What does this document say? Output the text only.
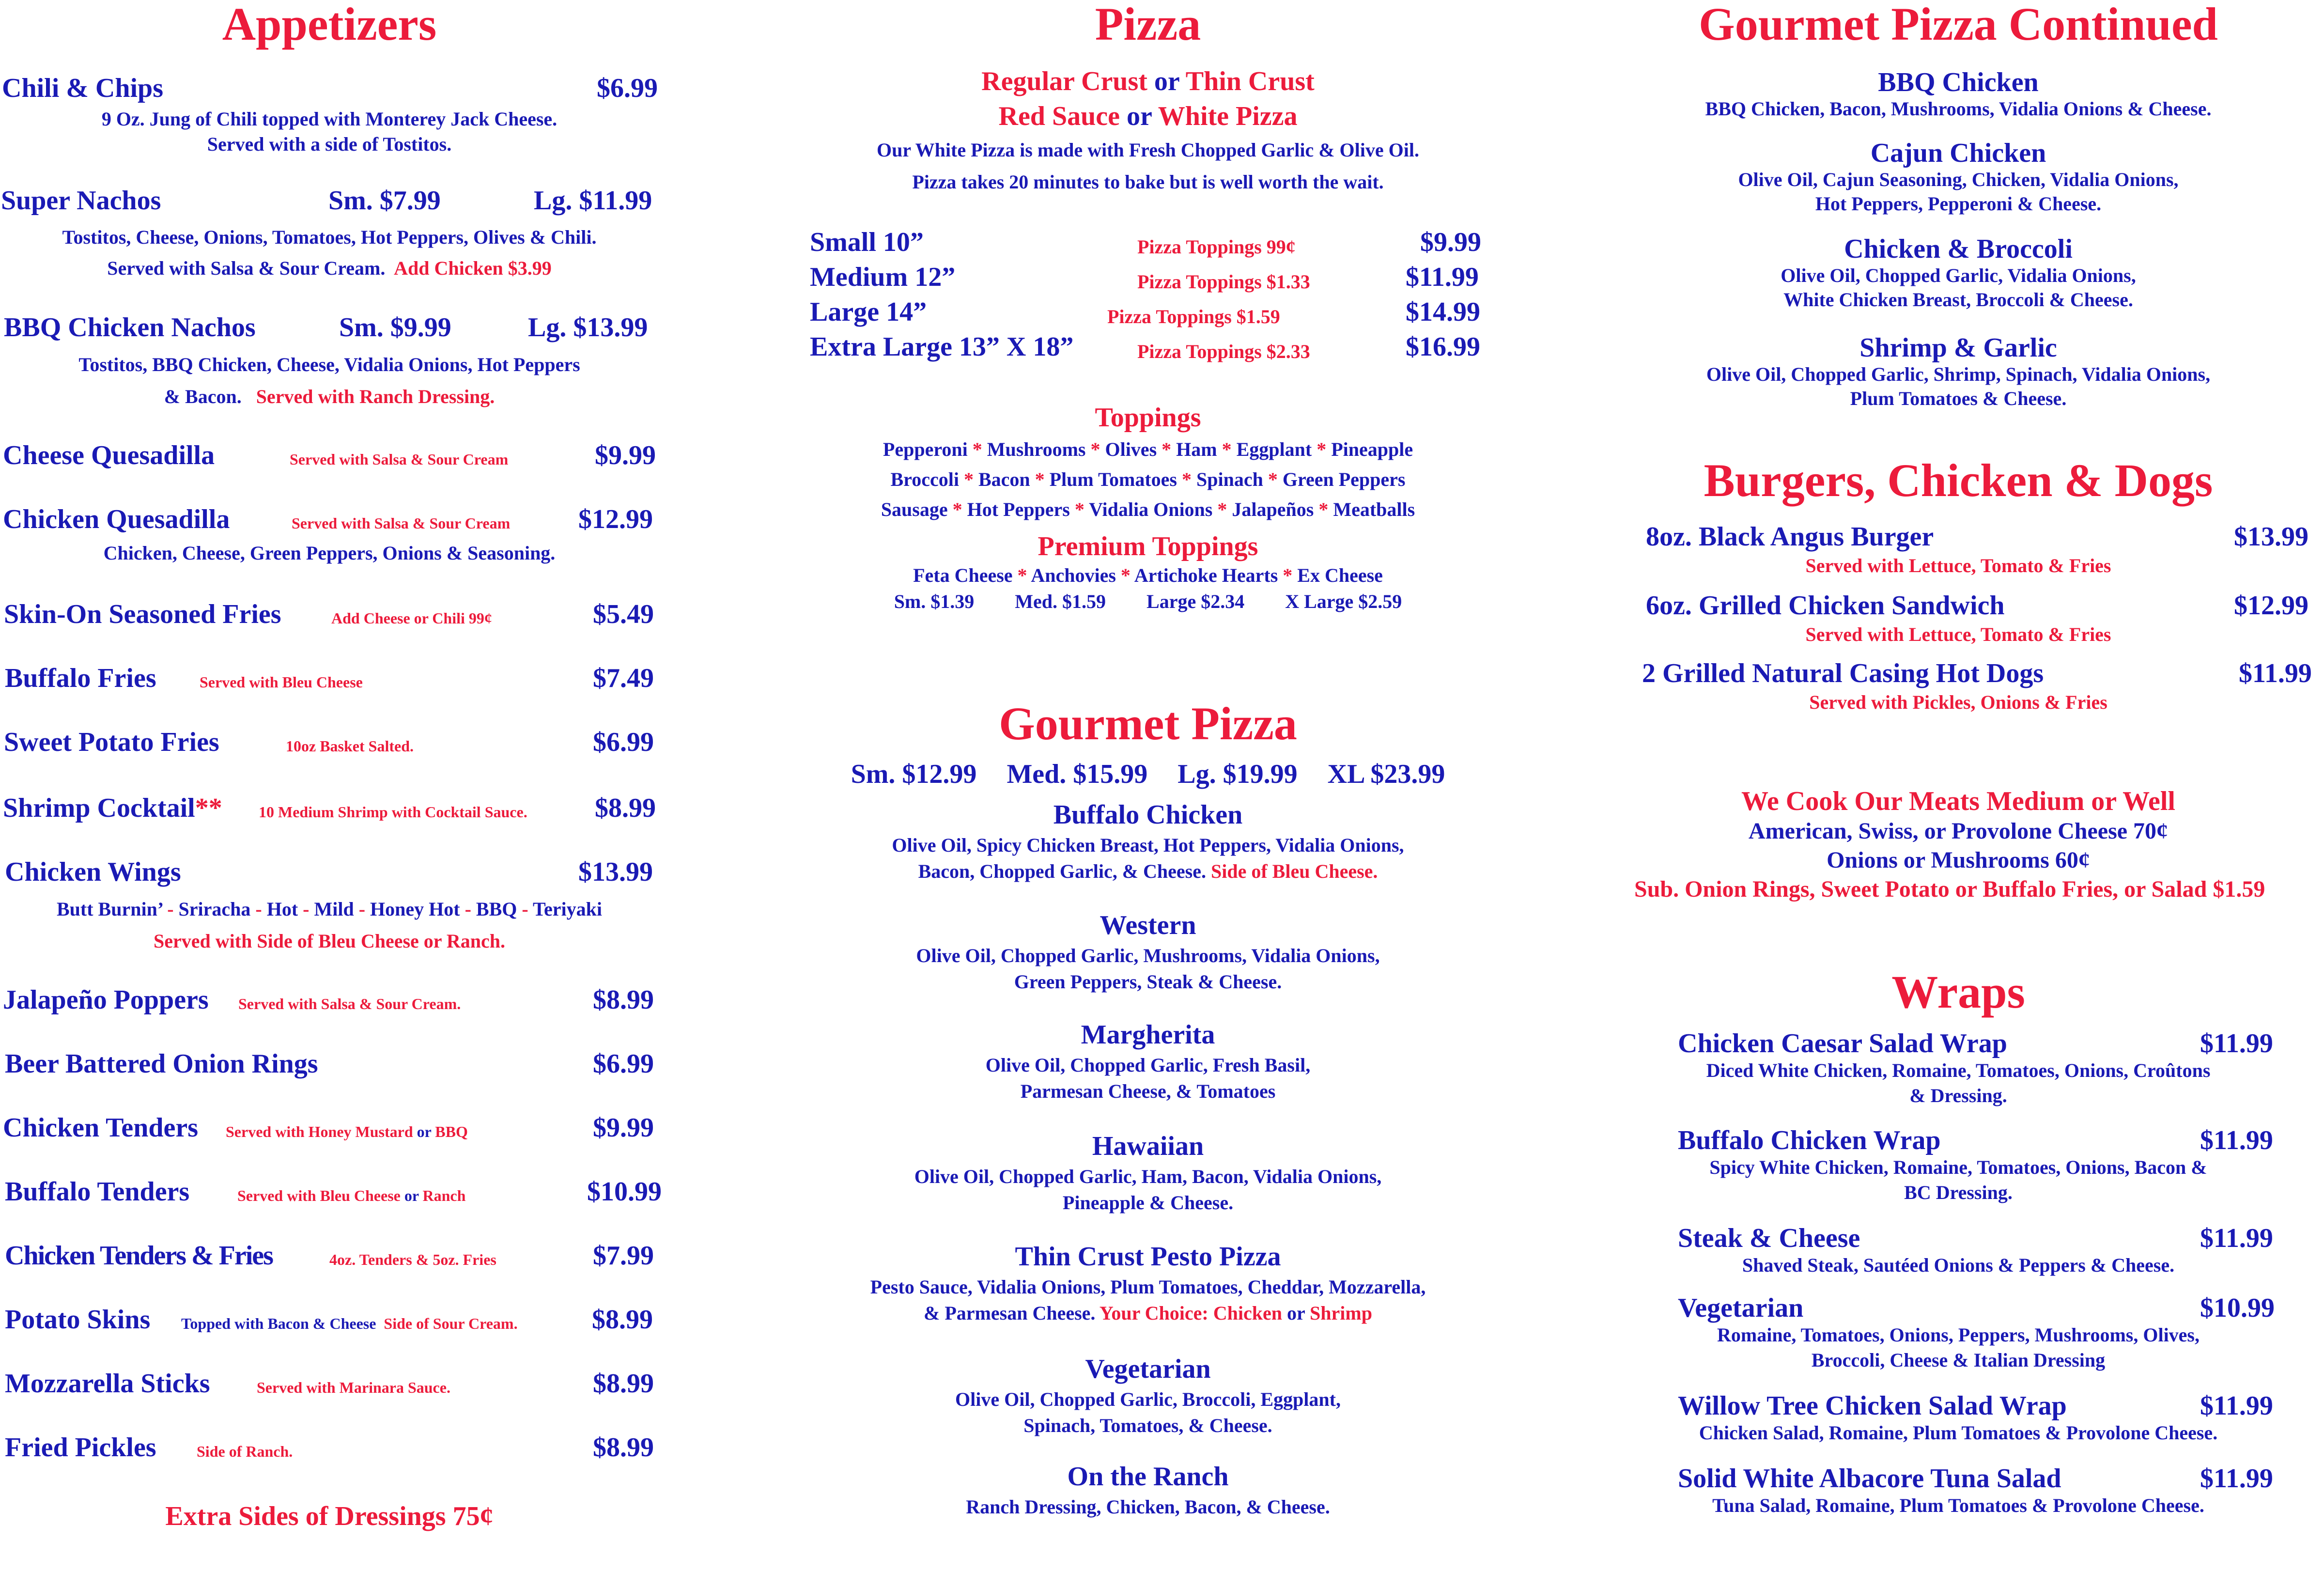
Appetizers
Chili & Chips	$6.99
9 Oz. Jung of Chili topped with Monterey Jack Cheese.
Served with a side of Tostitos.
Super Nachos	Sm. $7.99	Lg. $11.99
Tostitos, Cheese, Onions, Tomatoes, Hot Peppers, Olives & Chili.
Served with Salsa & Sour Cream. Add Chicken $3.99
BBQ Chicken Nachos	Sm. $9.99	Lg. $13.99
Tostitos, BBQ Chicken, Cheese, Vidalia Onions, Hot Peppers
& Bacon. Served with Ranch Dressing.
Cheese Quesadilla	Served with Salsa & Sour Cream	$9.99
Chicken Quesadilla	Served with Salsa & Sour Cream	$12.99
Chicken, Cheese, Green Peppers, Onions & Seasoning.
Skin-On Seasoned Fries	Add Cheese or Chili 99¢	$5.49
Buffalo Fries	Served with Bleu Cheese	$7.49
Sweet Potato Fries	10oz Basket Salted.	$6.99
Shrimp Cocktail** 10 Medium Shrimp with Cocktail Sauce. $8.99
Chicken Wings	$13.99
Butt Burnin’ - Sriracha - Hot - Mild - Honey Hot - BBQ - Teriyaki
Served with Side of Bleu Cheese or Ranch.
Jalapeño Poppers Served with Salsa & Sour Cream.	$8.99
Beer Battered Onion Rings	$6.99
Chicken Tenders Served with Honey Mustard or BBQ	$9.99
Buffalo Tenders	Served with Bleu Cheese or Ranch	$10.99
Chicken Tenders & Fries	4oz. Tenders & 5oz. Fries	$7.99
Potato Skins Topped with Bacon & Cheese Side of Sour Cream.	$8.99
Mozzarella Sticks	Served with Marinara Sauce.	$8.99
Fried Pickles	Side of Ranch.	$8.99
Extra Sides of Dressings 75¢
Pizza
Regular Crust or Thin Crust
Red Sauce or White Pizza
Our White Pizza is made with Fresh Chopped Garlic & Olive Oil.
Pizza takes 20 minutes to bake but is well worth the wait.
Small 10”	Pizza Toppings 99¢	$9.99
Medium 12”	Pizza Toppings $1.33	$11.99
Large 14”	Pizza Toppings $1.59	$14.99
Extra Large 13” X 18”	Pizza Toppings $2.33	$16.99
Toppings
Pepperoni * Mushrooms * Olives * Ham * Eggplant * Pineapple
Broccoli * Bacon * Plum Tomatoes * Spinach * Green Peppers
Sausage * Hot Peppers * Vidalia Onions * Jalapeños * Meatballs
Premium Toppings
Feta Cheese * Anchovies * Artichoke Hearts * Ex Cheese
Sm. $1.39 Med. $1.59 Large $2.34 X Large $2.59
Gourmet Pizza
Sm. $12.99 Med. $15.99 Lg. $19.99 XL $23.99
Buffalo Chicken
Olive Oil, Spicy Chicken Breast, Hot Peppers, Vidalia Onions,
Bacon, Chopped Garlic, & Cheese. Side of Bleu Cheese.
Western
Olive Oil, Chopped Garlic, Mushrooms, Vidalia Onions,
Green Peppers, Steak & Cheese.
Margherita
Olive Oil, Chopped Garlic, Fresh Basil,
Parmesan Cheese, & Tomatoes
Hawaiian
Olive Oil, Chopped Garlic, Ham, Bacon, Vidalia Onions,
Pineapple & Cheese.
Thin Crust Pesto Pizza
Pesto Sauce, Vidalia Onions, Plum Tomatoes, Cheddar, Mozzarella,
& Parmesan Cheese. Your Choice: Chicken or Shrimp
Vegetarian
Olive Oil, Chopped Garlic, Broccoli, Eggplant,
Spinach, Tomatoes, & Cheese.
On the Ranch
Ranch Dressing, Chicken, Bacon, & Cheese.
Gourmet Pizza Continued
BBQ Chicken
BBQ Chicken, Bacon, Mushrooms, Vidalia Onions & Cheese.
Cajun Chicken
Olive Oil, Cajun Seasoning, Chicken, Vidalia Onions,
Hot Peppers, Pepperoni & Cheese.
Chicken & Broccoli
Olive Oil, Chopped Garlic, Vidalia Onions,
White Chicken Breast, Broccoli & Cheese.
Shrimp & Garlic
Olive Oil, Chopped Garlic, Shrimp, Spinach, Vidalia Onions,
Plum Tomatoes & Cheese.
Burgers, Chicken & Dogs
8oz. Black Angus Burger	$13.99
Served with Lettuce, Tomato & Fries
6oz. Grilled Chicken Sandwich	$12.99
Served with Lettuce, Tomato & Fries
2 Grilled Natural Casing Hot Dogs	$11.99
Served with Pickles, Onions & Fries
We Cook Our Meats Medium or Well
American, Swiss, or Provolone Cheese 70¢
Onions or Mushrooms 60¢
Sub. Onion Rings, Sweet Potato or Buffalo Fries, or Salad $1.59
Wraps
Chicken Caesar Salad Wrap	$11.99
Diced White Chicken, Romaine, Tomatoes, Onions, Croûtons
& Dressing.
Buffalo Chicken Wrap	$11.99
Spicy White Chicken, Romaine, Tomatoes, Onions, Bacon &
BC Dressing.
Steak & Cheese	$11.99
Shaved Steak, Sautéed Onions & Peppers & Cheese.
Vegetarian	$10.99
Romaine, Tomatoes, Onions, Peppers, Mushrooms, Olives,
Broccoli, Cheese & Italian Dressing
Willow Tree Chicken Salad Wrap	$11.99
Chicken Salad, Romaine, Plum Tomatoes & Provolone Cheese.
Solid White Albacore Tuna Salad	$11.99
Tuna Salad, Romaine, Plum Tomatoes & Provolone Cheese.
